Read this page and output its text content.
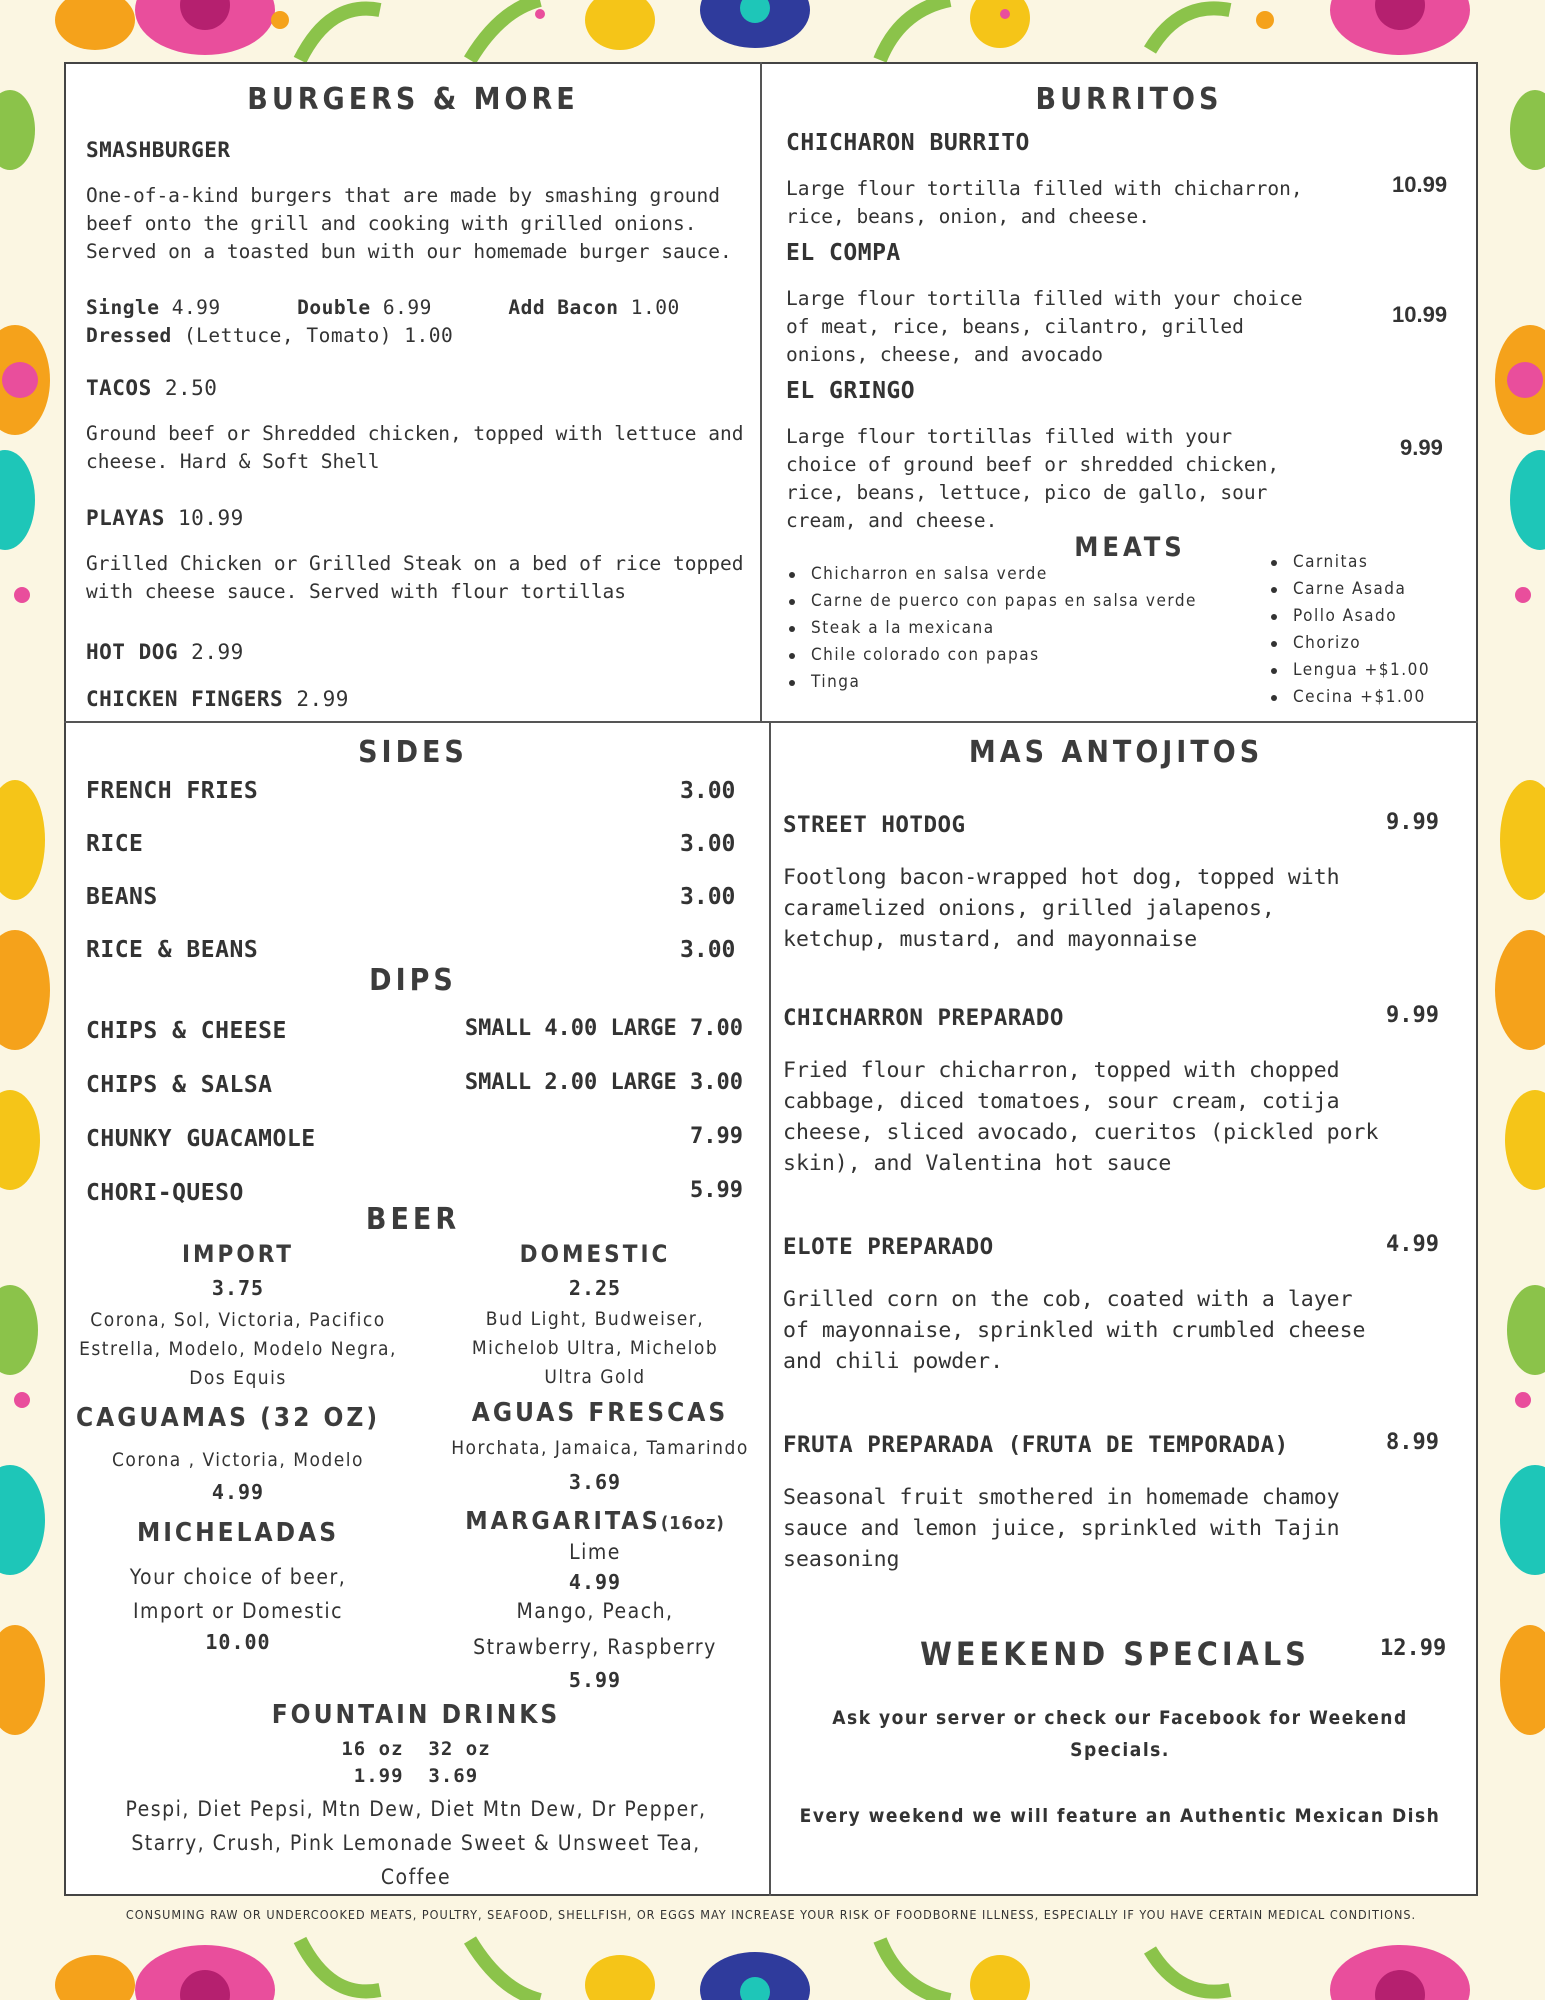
BURGERS & MORE
SMASHBURGER
One-of-a-kind burgers that are made by smashing ground beef onto the grill and cooking with grilled onions. Served on a toasted bun with our homemade burger sauce.
Single 4.99	Double 6.99	Add Bacon 1.00
Dressed (Lettuce, Tomato) 1.00
TACOS 2.50
Ground beef or Shredded chicken, topped with lettuce and cheese. Hard & Soft Shell
PLAYAS 10.99
Grilled Chicken or Grilled Steak on a bed of rice topped with cheese sauce. Served with flour tortillas
HOT DOG 2.99
CHICKEN FINGERS 2.99
BURRITOS
CHICHARON BURRITO
Large flour tortilla filled with chicharron, rice, beans, onion, and cheese.
10.99
EL COMPA
Large flour tortilla filled with your choice of meat, rice, beans, cilantro, grilled onions, cheese, and avocado
10.99
EL GRINGO
Large flour tortillas filled with your choice of ground beef or shredded chicken, rice, beans, lettuce, pico de gallo, sour cream, and cheese.
9.99
MEATS
Chicharron en salsa verde
Carne de puerco con papas en salsa verde
Steak a la mexicana
Chile colorado con papas
Tinga
Carnitas
Carne Asada
Pollo Asado
Chorizo
Lengua +$1.00
Cecina +$1.00
SIDES
DIPS
BEER
IMPORT
3.75
Corona, Sol, Victoria, Pacifico Estrella, Modelo, Modelo Negra, Dos Equis
DOMESTIC
2.25
Bud Light, Budweiser, Michelob Ultra, Michelob Ultra Gold
CAGUAMAS (32 OZ)
Corona , Victoria, Modelo
4.99
AGUAS FRESCAS
Horchata, Jamaica, Tamarindo
3.69
MICHELADAS
Your choice of beer, Import or Domestic
10.00
MARGARITAS(16oz)
Lime
4.99
Mango, Peach, Strawberry, Raspberry
5.99
FOUNTAIN DRINKS
16 oz  32 oz
1.99  3.69
Pespi, Diet Pepsi, Mtn Dew, Diet Mtn Dew, Dr Pepper, Starry, Crush, Pink Lemonade Sweet & Unsweet Tea, Coffee
MAS ANTOJITOS
WEEKEND SPECIALS	12.99
Ask your server or check our Facebook for Weekend Specials.
Every weekend we will feature an Authentic Mexican Dish
CONSUMING RAW OR UNDERCOOKED MEATS, POULTRY, SEAFOOD, SHELLFISH, OR EGGS MAY INCREASE YOUR RISK OF FOODBORNE ILLNESS, ESPECIALLY IF YOU HAVE CERTAIN MEDICAL CONDITIONS.
FRENCH FRIES	3.00
RICE	3.00
BEANS	3.00
RICE & BEANS	3.00
CHIPS & CHEESE	SMALL 4.00 LARGE 7.00
CHIPS & SALSA	SMALL 2.00 LARGE 3.00
CHUNKY GUACAMOLE	7.99
CHORI-QUESO	5.99
STREET HOTDOG	9.99
Footlong bacon-wrapped hot dog, topped with caramelized onions, grilled jalapenos, ketchup, mustard, and mayonnaise
CHICHARRON PREPARADO	9.99
Fried flour chicharron, topped with chopped cabbage, diced tomatoes, sour cream, cotija cheese, sliced avocado, cueritos (pickled pork skin), and Valentina hot sauce
ELOTE PREPARADO	4.99
Grilled corn on the cob, coated with a layer of mayonnaise, sprinkled with crumbled cheese and chili powder.
FRUTA PREPARADA (FRUTA DE TEMPORADA)	8.99
Seasonal fruit smothered in homemade chamoy sauce and lemon juice, sprinkled with Tajin seasoning
